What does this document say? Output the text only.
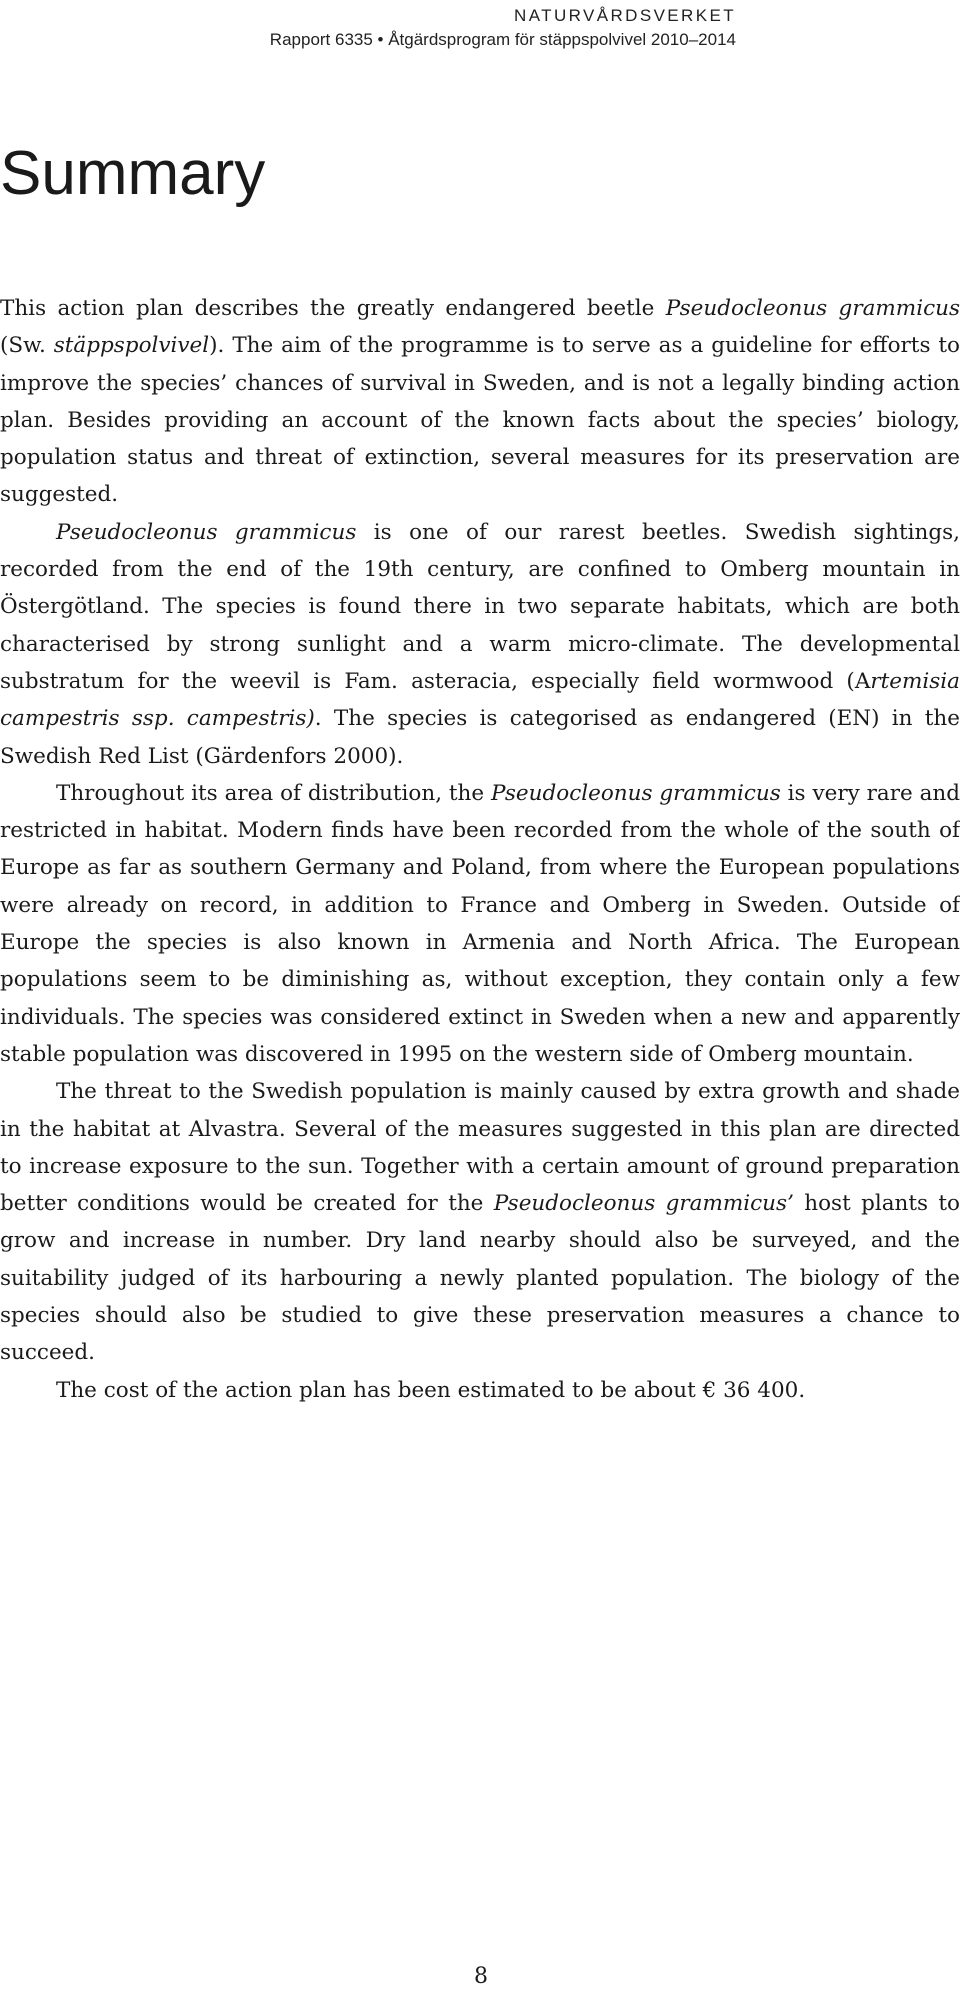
NATURVÅRDSVERKET
Rapport 6335 • Åtgärdsprogram för stäppspolvivel 2010–2014
Summary

This action plan describes the greatly endangered beetle Pseudocleonus grammicus (Sw. stäppspolvivel). The aim of the programme is to serve as a guideline for efforts to improve the species’ chances of survival in Sweden, and is not a legally binding action plan. Besides providing an account of the known facts about the species’ biology, population status and threat of extinction, several measures for its preservation are suggested.

Pseudocleonus grammicus is one of our rarest beetles. Swedish sightings, recorded from the end of the 19th century, are confined to Omberg mountain in Östergötland. The species is found there in two separate habitats, which are both characterised by strong sunlight and a warm micro-climate. The developmental substratum for the weevil is Fam. asteracia, especially field wormwood (Artemisia campestris ssp. campestris). The species is categorised as endangered (EN) in the Swedish Red List (Gärdenfors 2000).

Throughout its area of distribution, the Pseudocleonus grammicus is very rare and restricted in habitat. Modern finds have been recorded from the whole of the south of Europe as far as southern Germany and Poland, from where the European populations were already on record, in addition to France and Omberg in Sweden. Outside of Europe the species is also known in Armenia and North Africa. The European populations seem to be diminishing as, without exception, they contain only a few individuals. The species was considered extinct in Sweden when a new and apparently stable population was discovered in 1995 on the western side of Omberg mountain.

The threat to the Swedish population is mainly caused by extra growth and shade in the habitat at Alvastra. Several of the measures suggested in this plan are directed to increase exposure to the sun. Together with a certain amount of ground preparation better conditions would be created for the Pseudocleonus grammicus’ host plants to grow and increase in number. Dry land nearby should also be surveyed, and the suitability judged of its harbouring a newly planted population. The biology of the species should also be studied to give these preservation measures a chance to succeed.

The cost of the action plan has been estimated to be about € 36 400.

8
